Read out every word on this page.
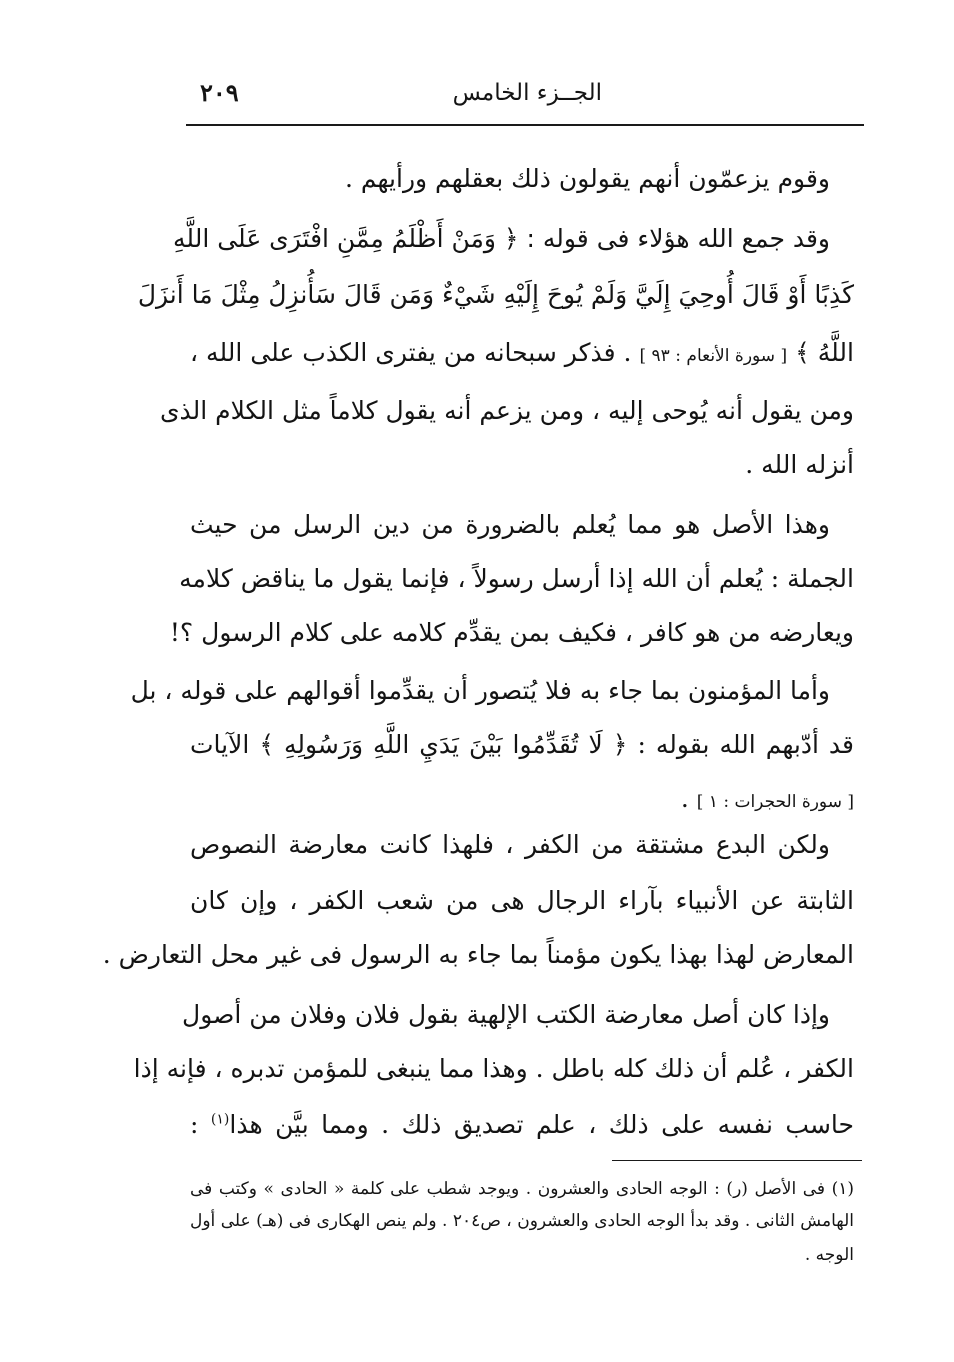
الجــزء الخامس
٢٠٩
وقوم يزعمّون أنهم يقولون ذلك بعقلهم ورأيهم .
وقد جمع الله هؤلاء فى قوله : ﴿ وَمَنْ أَظْلَمُ مِمَّنِ افْتَرَى عَلَى اللَّهِ
كَذِبًا أَوْ قَالَ أُوحِيَ إِلَيَّ وَلَمْ يُوحَ إِلَيْهِ شَيْءٌ وَمَن قَالَ سَأُنزِلُ مِثْلَ مَا أَنزَلَ
اللَّهُ ﴾ [ سورة الأنعام : ٩٣ ] . فذكر سبحانه من يفترى الكذب على الله ،
ومن يقول أنه يُوحى إليه ، ومن يزعم أنه يقول كلاماً مثل الكلام الذى
أنزله الله .
وهذا الأصل هو مما يُعلم بالضرورة من دين الرسل من حيث
الجملة : يُعلم أن الله إذا أرسل رسولاً ، فإنما يقول ما يناقض كلامه
ويعارضه من هو كافر ، فكيف بمن يقدِّم كلامه على كلام الرسول ؟!
وأما المؤمنون بما جاء به فلا يُتصور أن يقدِّموا أقوالهم على قوله ، بل
قد أدّبهم الله بقوله : ﴿ لَا تُقَدِّمُوا بَيْنَ يَدَيِ اللَّهِ وَرَسُولِهِ ﴾ الآيات
[ سورة الحجرات : ١ ] .
ولكن البدع مشتقة من الكفر ، فلهذا كانت معارضة النصوص
الثابتة عن الأنبياء بآراء الرجال هى من شعب الكفر ، وإن كان
المعارض لهذا بهذا يكون مؤمناً بما جاء به الرسول فى غير محل التعارض .
وإذا كان أصل معارضة الكتب الإلهية بقول فلان وفلان من أصول
الكفر ، عُلم أن ذلك كله باطل . وهذا مما ينبغى للمؤمن تدبره ، فإنه إذا
حاسب نفسه على ذلك ، علم تصديق ذلك . ومما بيَّن هذا$^{(١)}$ :
(١) فى الأصل (ر) : الوجه الحادى والعشرون . ويوجد شطب على كلمة « الحادى » وكتب فى
الهامش الثانى . وقد بدأ الوجه الحادى والعشرون ، ص٢٠٤ . ولم ينص الهكارى فى (هـ) على أول
الوجه .
